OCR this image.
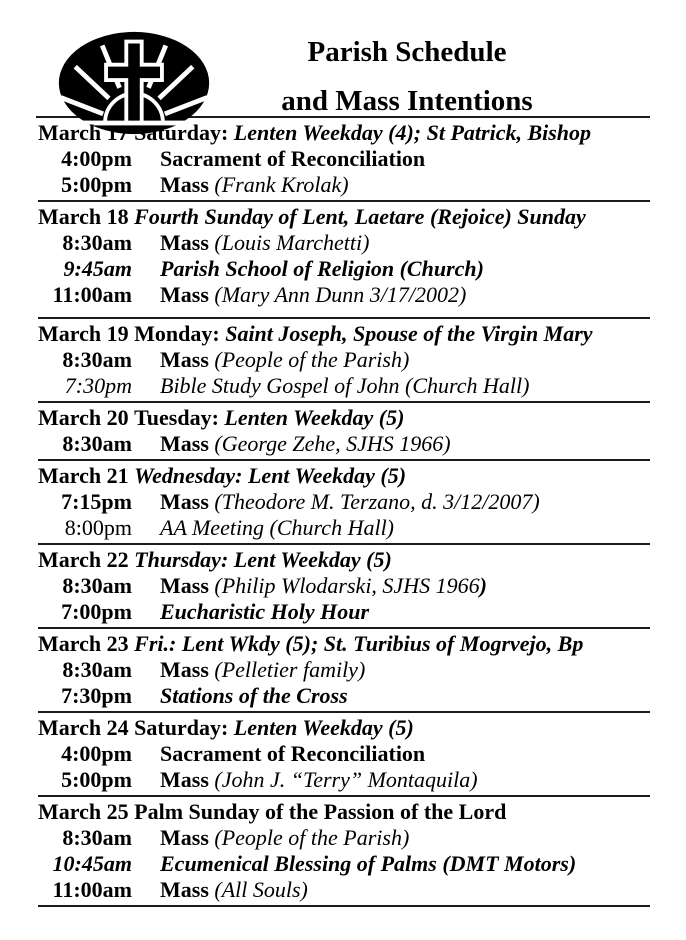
Parish Schedule
and Mass Intentions
March 17 Saturday: Lenten Weekday (4); St Patrick, Bishop
4:00pm Sacrament of Reconciliation
5:00pm Mass (Frank Krolak)
March 18 Fourth Sunday of Lent, Laetare (Rejoice) Sunday
8:30am Mass (Louis Marchetti)
9:45am Parish School of Religion (Church)
11:00am Mass (Mary Ann Dunn 3/17/2002)
March 19 Monday: Saint Joseph, Spouse of the Virgin Mary
8:30am Mass (People of the Parish)
7:30pm Bible Study Gospel of John (Church Hall)
March 20 Tuesday: Lenten Weekday (5)
8:30am Mass (George Zehe, SJHS 1966)
March 21 Wednesday: Lent Weekday (5)
7:15pm Mass (Theodore M. Terzano, d. 3/12/2007)
8:00pm AA Meeting (Church Hall)
March 22 Thursday: Lent Weekday (5)
8:30am Mass (Philip Wlodarski, SJHS 1966)
7:00pm Eucharistic Holy Hour
March 23 Fri.: Lent Wkdy (5); St. Turibius of Mogrvejo, Bp
8:30am Mass (Pelletier family)
7:30pm Stations of the Cross
March 24 Saturday: Lenten Weekday (5)
4:00pm Sacrament of Reconciliation
5:00pm Mass (John J. “Terry” Montaquila)
March 25 Palm Sunday of the Passion of the Lord
8:30am Mass (People of the Parish)
10:45am Ecumenical Blessing of Palms (DMT Motors)
11:00am Mass (All Souls)
